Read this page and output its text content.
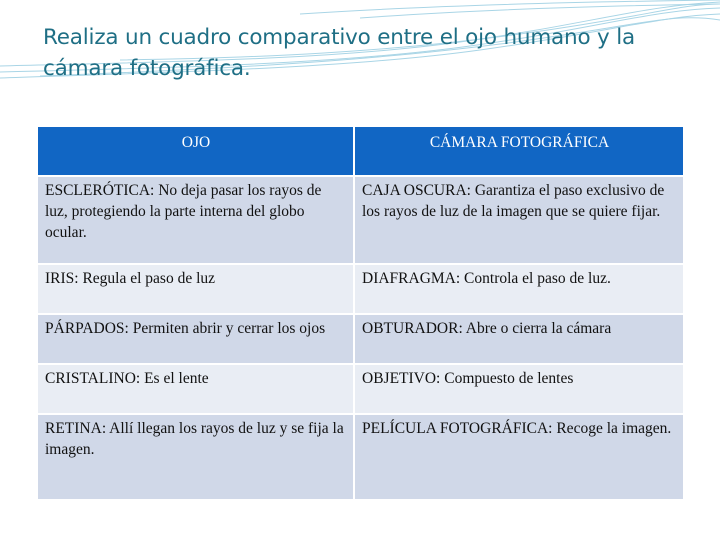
Realiza un cuadro comparativo entre el ojo humano y la cámara fotográfica.
OJO	CÁMARA FOTOGRÁFICA
ESCLERÓTICA: No deja pasar los rayos de luz, protegiendo la parte interna del globo ocular.	CAJA OSCURA: Garantiza el paso exclusivo de los rayos de luz de la imagen que se quiere fijar.
IRIS: Regula el paso de luz	DIAFRAGMA: Controla el paso de luz.
PÁRPADOS: Permiten abrir y cerrar los ojos	OBTURADOR: Abre o cierra la cámara
CRISTALINO: Es el lente	OBJETIVO: Compuesto de lentes
RETINA: Allí llegan los rayos de luz y se fija la imagen.	PELÍCULA FOTOGRÁFICA: Recoge la imagen.
